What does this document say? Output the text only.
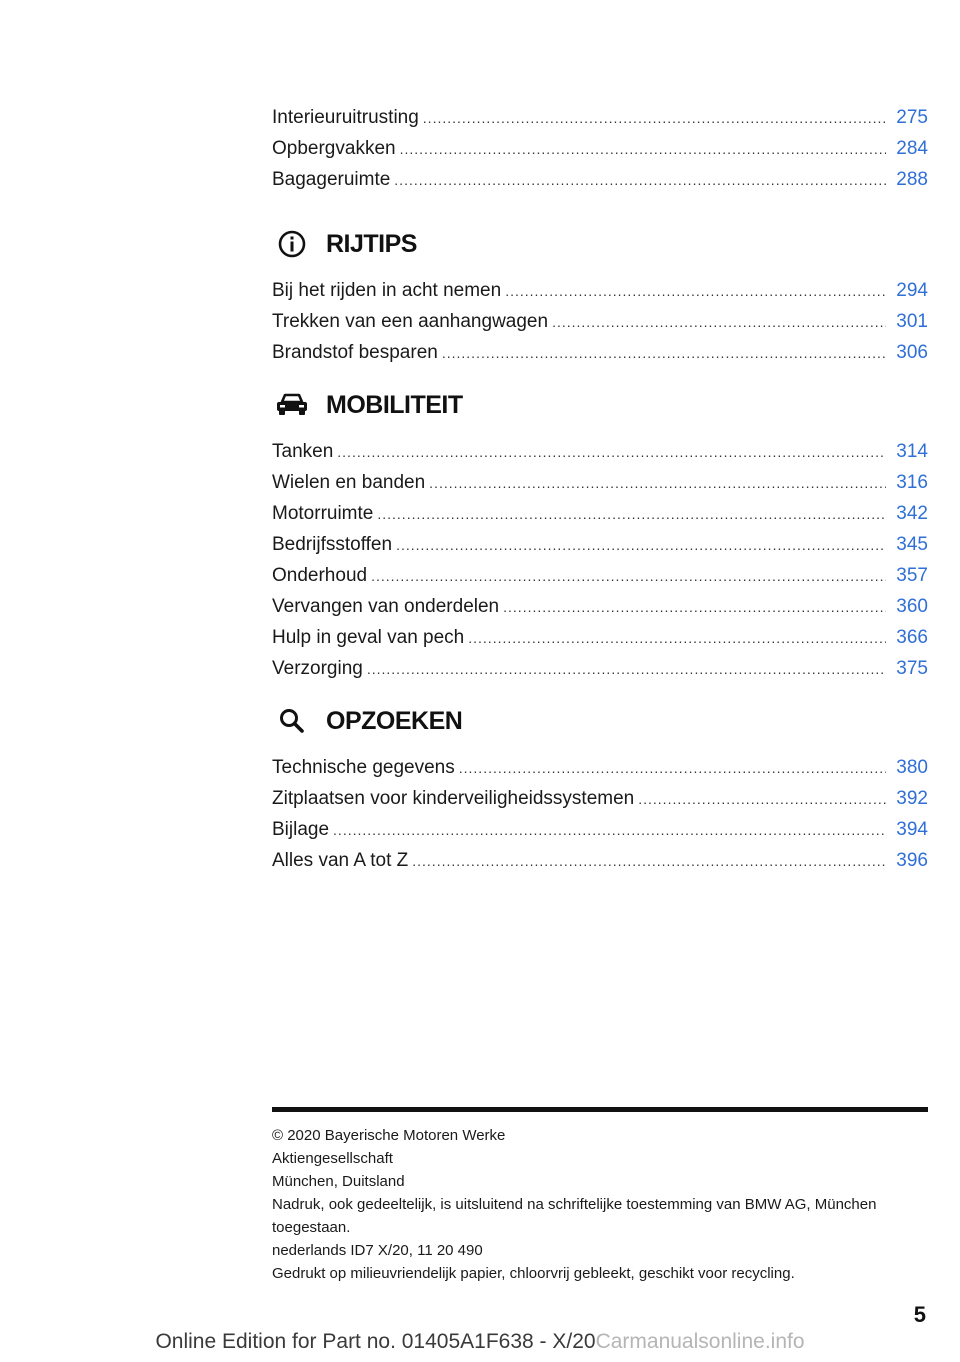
Interieuruitrusting .....	275
Opbergvakken .....	284
Bagageruimte .....	288
RIJTIPS
Bij het rijden in acht nemen .....	294
Trekken van een aanhangwagen .....	301
Brandstof besparen .....	306
MOBILITEIT
Tanken .....	314
Wielen en banden .....	316
Motorruimte .....	342
Bedrijfsstoffen .....	345
Onderhoud .....	357
Vervangen van onderdelen .....	360
Hulp in geval van pech .....	366
Verzorging .....	375
OPZOEKEN
Technische gegevens .....	380
Zitplaatsen voor kinderveiligheidssystemen .....	392
Bijlage .....	394
Alles van A tot Z .....	396
© 2020 Bayerische Motoren Werke
Aktiengesellschaft
München, Duitsland
Nadruk, ook gedeeltelijk, is uitsluitend na schriftelijke toestemming van BMW AG, München toegestaan.
nederlands ID7 X/20, 11 20 490
Gedrukt op milieuvriendelijk papier, chloorvrij gebleekt, geschikt voor recycling.
5
Online Edition for Part no. 01405A1F638 - X/20Carmanualsonline.info
